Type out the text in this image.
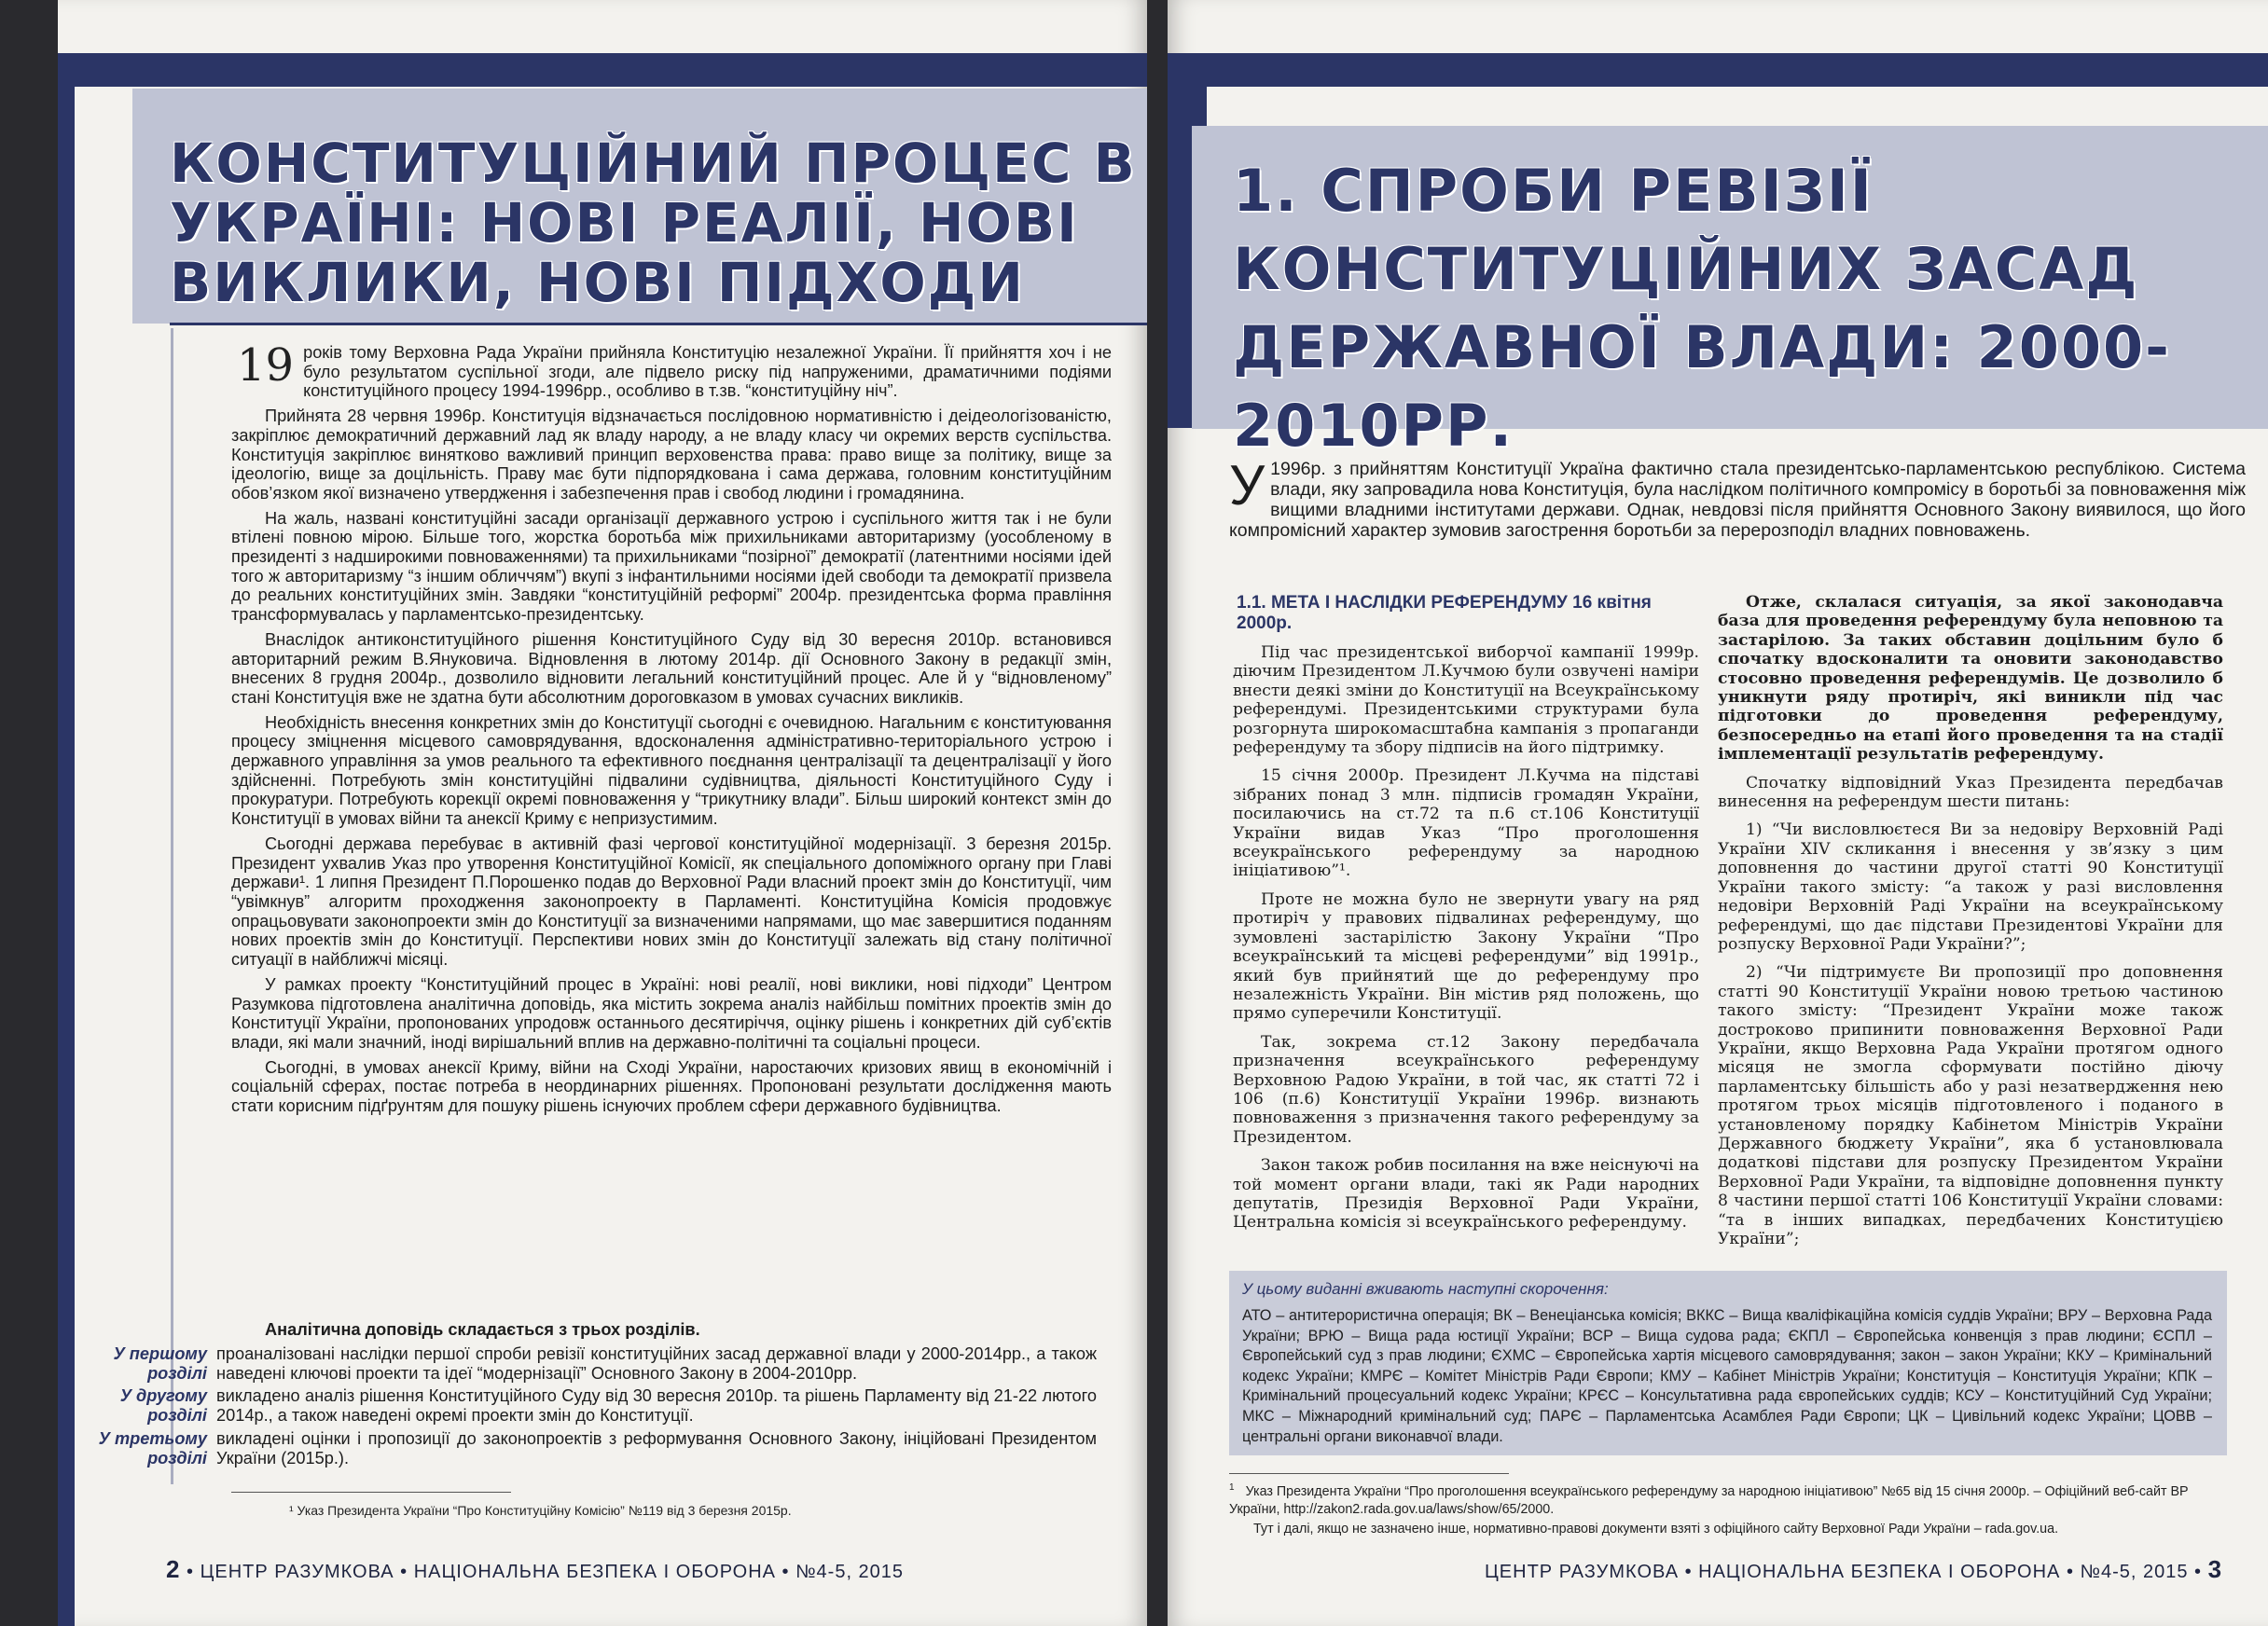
КОНСТИТУЦІЙНИЙ ПРОЦЕС В УКРАЇНІ: НОВІ РЕАЛІЇ, НОВІ ВИКЛИКИ, НОВІ ПІДХОДИ

19 років тому Верховна Рада України прийняла Конституцію незалежної України. Її прийняття хоч і не було результатом суспільної згоди, але підвело риску під напруженими, драматичними подіями конституційного процесу 1994-1996рр., особливо в т.зв. “конституційну ніч”.

Прийнята 28 червня 1996р. Конституція відзначається послідовною нормативністю і деідеологізованістю, закріплює демократичний державний лад як владу народу, а не владу класу чи окремих верств суспільства. Конституція закріплює винятково важливий принцип верховенства права: право вище за політику, вище за ідеологію, вище за доцільність. Праву має бути підпорядкована і сама держава, головним конституційним обов’язком якої визначено утвердження і забезпечення прав і свобод людини і громадянина.

На жаль, названі конституційні засади організації державного устрою і суспільного життя так і не були втілені повною мірою. Більше того, жорстка боротьба між прихильниками авторитаризму (уособленому в президенті з надширокими повноваженнями) та прихильниками “позірної” демократії (латентними носіями ідей того ж авторитаризму “з іншим обличчям”) вкупі з інфантильними носіями ідей свободи та демократії призвела до реальних конституційних змін. Завдяки “конституційній реформі” 2004р. президентська форма правління трансформувалась у парламентсько-президентську.

Внаслідок антиконституційного рішення Конституційного Суду від 30 вересня 2010р. встановився авторитарний режим В.Януковича. Відновлення в лютому 2014р. дії Основного Закону в редакції змін, внесених 8 грудня 2004р., дозволило відновити легальний конституційний процес. Але й у “відновленому” стані Конституція вже не здатна бути абсолютним дороговказом в умовах сучасних викликів.

Необхідність внесення конкретних змін до Конституції сьогодні є очевидною. Нагальним є конституювання процесу зміцнення місцевого самоврядування, вдосконалення адміністративно-територіального устрою і державного управління за умов реального та ефективного поєднання централізації та децентралізації у його здійсненні. Потребують змін конституційні підвалини судівництва, діяльності Конституційного Суду і прокуратури. Потребують корекції окремі повноваження у “трикутнику влади”. Більш широкий контекст змін до Конституції в умовах війни та анексії Криму є непризустимим.

Сьогодні держава перебуває в активній фазі чергової конституційної модернізації. 3 березня 2015р. Президент ухвалив Указ про утворення Конституційної Комісії, як спеціального допоміжного органу при Главі держави¹. 1 липня Президент П.Порошенко подав до Верховної Ради власний проект змін до Конституції, чим “увімкнув” алгоритм проходження законопроекту в Парламенті. Конституційна Комісія продовжує опрацьовувати законопроекти змін до Конституції за визначеними напрямами, що має завершитися поданням нових проектів змін до Конституції. Перспективи нових змін до Конституції залежать від стану політичної ситуації в найближчі місяці.

У рамках проекту “Конституційний процес в Україні: нові реалії, нові виклики, нові підходи” Центром Разумкова підготовлена аналітична доповідь, яка містить зокрема аналіз найбільш помітних проектів змін до Конституції України, пропонованих упродовж останнього десятиріччя, оцінку рішень і конкретних дій суб’єктів влади, які мали значний, іноді вирішальний вплив на державно-політичні та соціальні процеси.

Сьогодні, в умовах анексії Криму, війни на Сході України, наростаючих кризових явищ в економічній і соціальній сферах, постає потреба в неординарних рішеннях. Пропоновані результати дослідження мають стати корисним підґрунтям для пошуку рішень існуючих проблем сфери державного будівництва.

Аналітична доповідь складається з трьох розділів.

У першому розділі
проаналізовані наслідки першої спроби ревізії конституційних засад державної влади у 2000-2014рр., а також наведені ключові проекти та ідеї “модернізації” Основного Закону в 2004-2010рр.
У другому розділі
викладено аналіз рішення Конституційного Суду від 30 вересня 2010р. та рішень Парламенту від 21-22 лютого 2014р., а також наведені окремі проекти змін до Конституції.
У третьому розділі
викладені оцінки і пропозиції до законопроектів з реформування Основного Закону, ініційовані Президентом України (2015р.).
¹ Указ Президента України “Про Конституційну Комісію” №119 від 3 березня 2015р.
2 • ЦЕНТР РАЗУМКОВА • НАЦІОНАЛЬНА БЕЗПЕКА І ОБОРОНА • №4-5, 2015
1. СПРОБИ РЕВІЗІЇ КОНСТИТУЦІЙНИХ ЗАСАД ДЕРЖАВНОЇ ВЛАДИ: 2000-2010РР.
У 1996р. з прийняттям Конституції Україна фактично стала президентсько-парламентською республікою. Система влади, яку запровадила нова Конституція, була наслідком політичного компромісу в боротьбі за повноваження між вищими владними інститутами держави. Однак, невдовзі після прийняття Основного Закону виявилося, що його компромісний характер зумовив загострення боротьби за перерозподіл владних повноважень.
1.1. МЕТА І НАСЛІДКИ РЕФЕРЕНДУМУ 16 квітня 2000р.

Під час президентської виборчої кампанії 1999р. діючим Президентом Л.Кучмою були озвучені наміри внести деякі зміни до Конституції на Всеукраїнському референдумі. Президентськими структурами була розгорнута широкомасштабна кампанія з пропаганди референдуму та збору підписів на його підтримку.

15 січня 2000р. Президент Л.Кучма на підставі зібраних понад 3 млн. підписів громадян України, посилаючись на ст.72 та п.6 ст.106 Конституції України видав Указ “Про проголошення всеукраїнського референдуму за народною ініціативою”¹.

Проте не можна було не звернути увагу на ряд протиріч у правових підвалинах референдуму, що зумовлені застарілістю Закону України “Про всеукраїнський та місцеві референдуми” від 1991р., який був прийнятий ще до референдуму про незалежність України. Він містив ряд положень, що прямо суперечили Конституції.

Так, зокрема ст.12 Закону передбачала призначення всеукраїнського референдуму Верховною Радою України, в той час, як статті 72 і 106 (п.6) Конституції України 1996р. визнають повноваження з призначення такого референдуму за Президентом.

Закон також робив посилання на вже неіснуючі на той момент органи влади, такі як Ради народних депутатів, Президія Верховної Ради України, Центральна комісія зі всеукраїнського референдуму.

Отже, склалася ситуація, за якої законодавча база для проведення референдуму була неповною та застарілою. За таких обставин доцільним було б спочатку вдосконалити та оновити законодавство стосовно проведення референдумів. Це дозволило б уникнути ряду протиріч, які виникли під час підготовки до проведення референдуму, безпосередньо на етапі його проведення та на стадії імплементації результатів референдуму.

Спочатку відповідний Указ Президента передбачав винесення на референдум шести питань:

1) “Чи висловлюєтеся Ви за недовіру Верховній Раді України XIV скликання і внесення у зв’язку з цим доповнення до частини другої статті 90 Конституції України такого змісту: “а також у разі висловлення недовіри Верховній Раді України на всеукраїнському референдумі, що дає підстави Президентові України для розпуску Верховної Ради України?”;

2) “Чи підтримуєте Ви пропозиції про доповнення статті 90 Конституції України новою третьою частиною такого змісту: “Президент України може також достроково припинити повноваження Верховної Ради України, якщо Верховна Рада України протягом одного місяця не змогла сформувати постійно діючу парламентську більшість або у разі незатвердження нею протягом трьох місяців підготовленого і поданого в установленому порядку Кабінетом Міністрів України Державного бюджету України”, яка б установлювала додаткові підстави для розпуску Президентом України Верховної Ради України, та відповідне доповнення пункту 8 частини першої статті 106 Конституції України словами: “та в інших випадках, передбачених Конституцією України”;

У цьому виданні вживають наступні скорочення:
АТО – антитерористична операція; ВК – Венеціанська комісія; ВККС – Вища кваліфікаційна комісія суддів України; ВРУ – Верховна Рада України; ВРЮ – Вища рада юстиції України; ВСР – Вища судова рада; ЄКПЛ – Європейська конвенція з прав людини; ЄСПЛ – Європейський суд з прав людини; ЄХМС – Європейська хартія місцевого самоврядування; закон – закон України; ККУ – Кримінальний кодекс України; КМРЄ – Комітет Міністрів Ради Європи; КМУ – Кабінет Міністрів України; Конституція – Конституція України; КПК – Кримінальний процесуальний кодекс України; КРЄС – Консультативна рада європейських суддів; КСУ – Конституційний Суд України; МКС – Міжнародний кримінальний суд; ПАРЄ – Парламентська Асамблея Ради Європи; ЦК – Цивільний кодекс України; ЦОВВ – центральні органи виконавчої влади.

$^1$ Указ Президента України “Про проголошення всеукраїнського референдуму за народною ініціативою” №65 від 15 січня 2000р. – Офіційний веб-сайт ВР України, http://zakon2.rada.gov.ua/laws/show/65/2000.

Тут і далі, якщо не зазначено інше, нормативно-правові документи взяті з офіційного сайту Верховної Ради України – rada.gov.ua.

ЦЕНТР РАЗУМКОВА • НАЦІОНАЛЬНА БЕЗПЕКА І ОБОРОНА • №4-5, 2015 • 3
